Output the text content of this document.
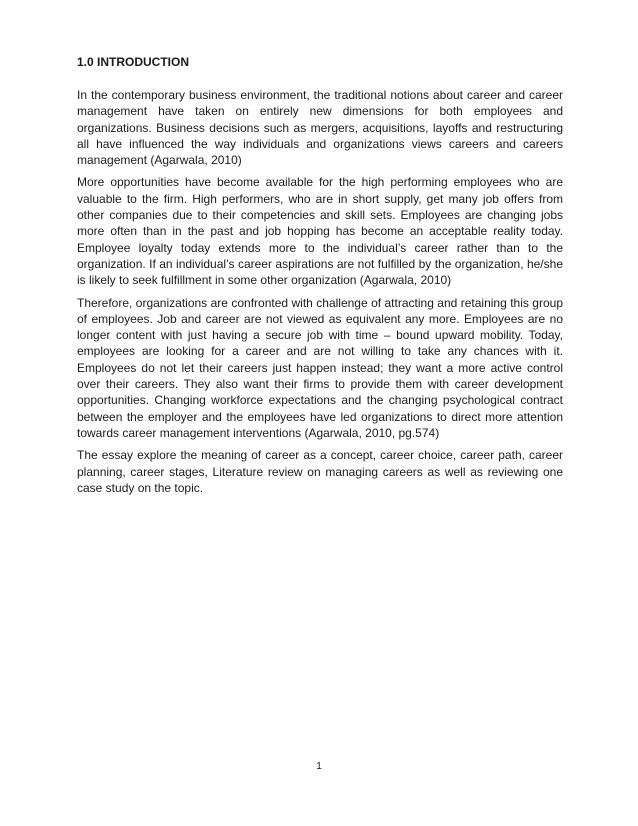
1.0 INTRODUCTION

In the contemporary business environment, the traditional notions about career and career management have taken on entirely new dimensions for both employees and organizations. Business decisions such as mergers, acquisitions, layoffs and restructuring all have influenced the way individuals and organizations views careers and careers management (Agarwala, 2010)

More opportunities have become available for the high performing employees who are valuable to the firm. High performers, who are in short supply, get many job offers from other companies due to their competencies and skill sets. Employees are changing jobs more often than in the past and job hopping has become an acceptable reality today. Employee loyalty today extends more to the individual’s career rather than to the organization. If an individual’s career aspirations are not fulfilled by the organization, he/she is likely to seek fulfillment in some other organization (Agarwala, 2010)

Therefore, organizations are confronted with challenge of attracting and retaining this group of employees. Job and career are not viewed as equivalent any more. Employees are no longer content with just having a secure job with time – bound upward mobility. Today, employees are looking for a career and are not willing to take any chances with it. Employees do not let their careers just happen instead; they want a more active control over their careers. They also want their firms to provide them with career development opportunities. Changing workforce expectations and the changing psychological contract between the employer and the employees have led organizations to direct more attention towards career management interventions (Agarwala, 2010, pg.574)

The essay explore the meaning of career as a concept, career choice, career path, career planning, career stages, Literature review on managing careers as well as reviewing one case study on the topic.

1
